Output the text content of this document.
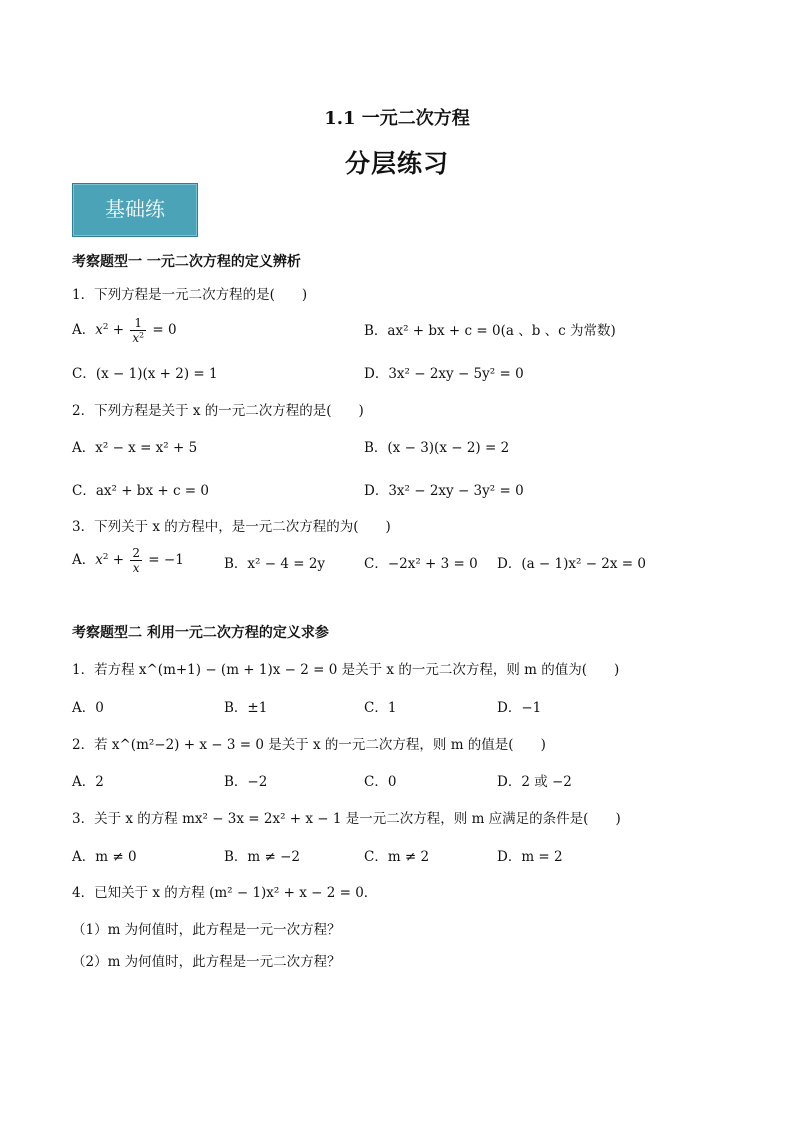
1.1 一元二次方程
分层练习
基础练
考察题型一 一元二次方程的定义辨析
1．下列方程是一元二次方程的是(　　)
A．$x^2 + \frac{1}{x^2} = 0$	B．ax² + bx + c = 0(a 、b 、c 为常数)
C．(x − 1)(x + 2) = 1	D．3x² − 2xy − 5y² = 0
2．下列方程是关于 x 的一元二次方程的是(　　)
A．x² − x = x² + 5	B．(x − 3)(x − 2) = 2
C．ax² + bx + c = 0	D．3x² − 2xy − 3y² = 0
3．下列关于 x 的方程中，是一元二次方程的为(　　)
A．$x^2 + \frac{2}{x} = -1$	B．x² − 4 = 2y	C．−2x² + 3 = 0 D．(a − 1)x² − 2x = 0
考察题型二 利用一元二次方程的定义求参
1．若方程 x^(m+1) − (m + 1)x − 2 = 0 是关于 x 的一元二次方程，则 m 的值为(　　)
A．0	B．±1	C．1	D．−1
2．若 x^(m²−2) + x − 3 = 0 是关于 x 的一元二次方程，则 m 的值是(　　)
A．2	B．−2	C．0	D．2 或 −2
3．关于 x 的方程 mx² − 3x = 2x² + x − 1 是一元二次方程，则 m 应满足的条件是(　　)
A．m ≠ 0	B．m ≠ −2	C．m ≠ 2	D．m = 2
4．已知关于 x 的方程 (m² − 1)x² + x − 2 = 0．
（1）m 为何值时，此方程是一元一次方程？
（2）m 为何值时，此方程是一元二次方程？
